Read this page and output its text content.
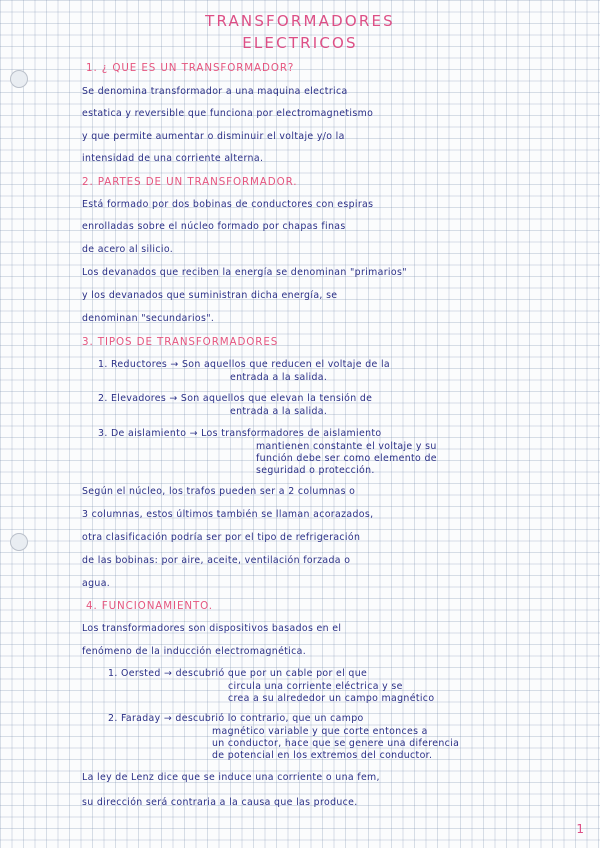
TRANSFORMADORES
ELECTRICOS
1. ¿ QUE ES UN TRANSFORMADOR?
Se denomina transformador a una maquina electrica
estatica y reversible que funciona por electromagnetismo
y que permite aumentar o disminuir el voltaje y/o la
intensidad de una corriente alterna.
2. PARTES DE UN TRANSFORMADOR.
Está formado por dos bobinas de conductores con espiras
enrolladas sobre el núcleo formado por chapas finas
de acero al silicio.
Los devanados que reciben la energía se denominan "primarios"
y los devanados que suministran dicha energía, se
denominan "secundarios".
3. TIPOS DE TRANSFORMADORES
1. Reductores → Son aquellos que reducen el voltaje de la
entrada a la salida.
2. Elevadores → Son aquellos que elevan la tensión de
entrada a la salida.
3. De aislamiento → Los transformadores de aislamiento
mantienen constante el voltaje y su
función debe ser como elemento de
seguridad o protección.
Según el núcleo, los trafos pueden ser a 2 columnas o
3 columnas, estos últimos también se llaman acorazados,
otra clasificación podría ser por el tipo de refrigeración
de las bobinas: por aire, aceite, ventilación forzada o
agua.
4. FUNCIONAMIENTO.
Los transformadores son dispositivos basados en el
fenómeno de la inducción electromagnética.
1. Oersted → descubrió que por un cable por el que
circula una corriente eléctrica y se
crea a su alrededor un campo magnético
2. Faraday → descubrió lo contrario, que un campo
magnético variable y que corte entonces a
un conductor, hace que se genere una diferencia
de potencial en los extremos del conductor.
La ley de Lenz dice que se induce una corriente o una fem,
su dirección será contraria a la causa que las produce.
1
